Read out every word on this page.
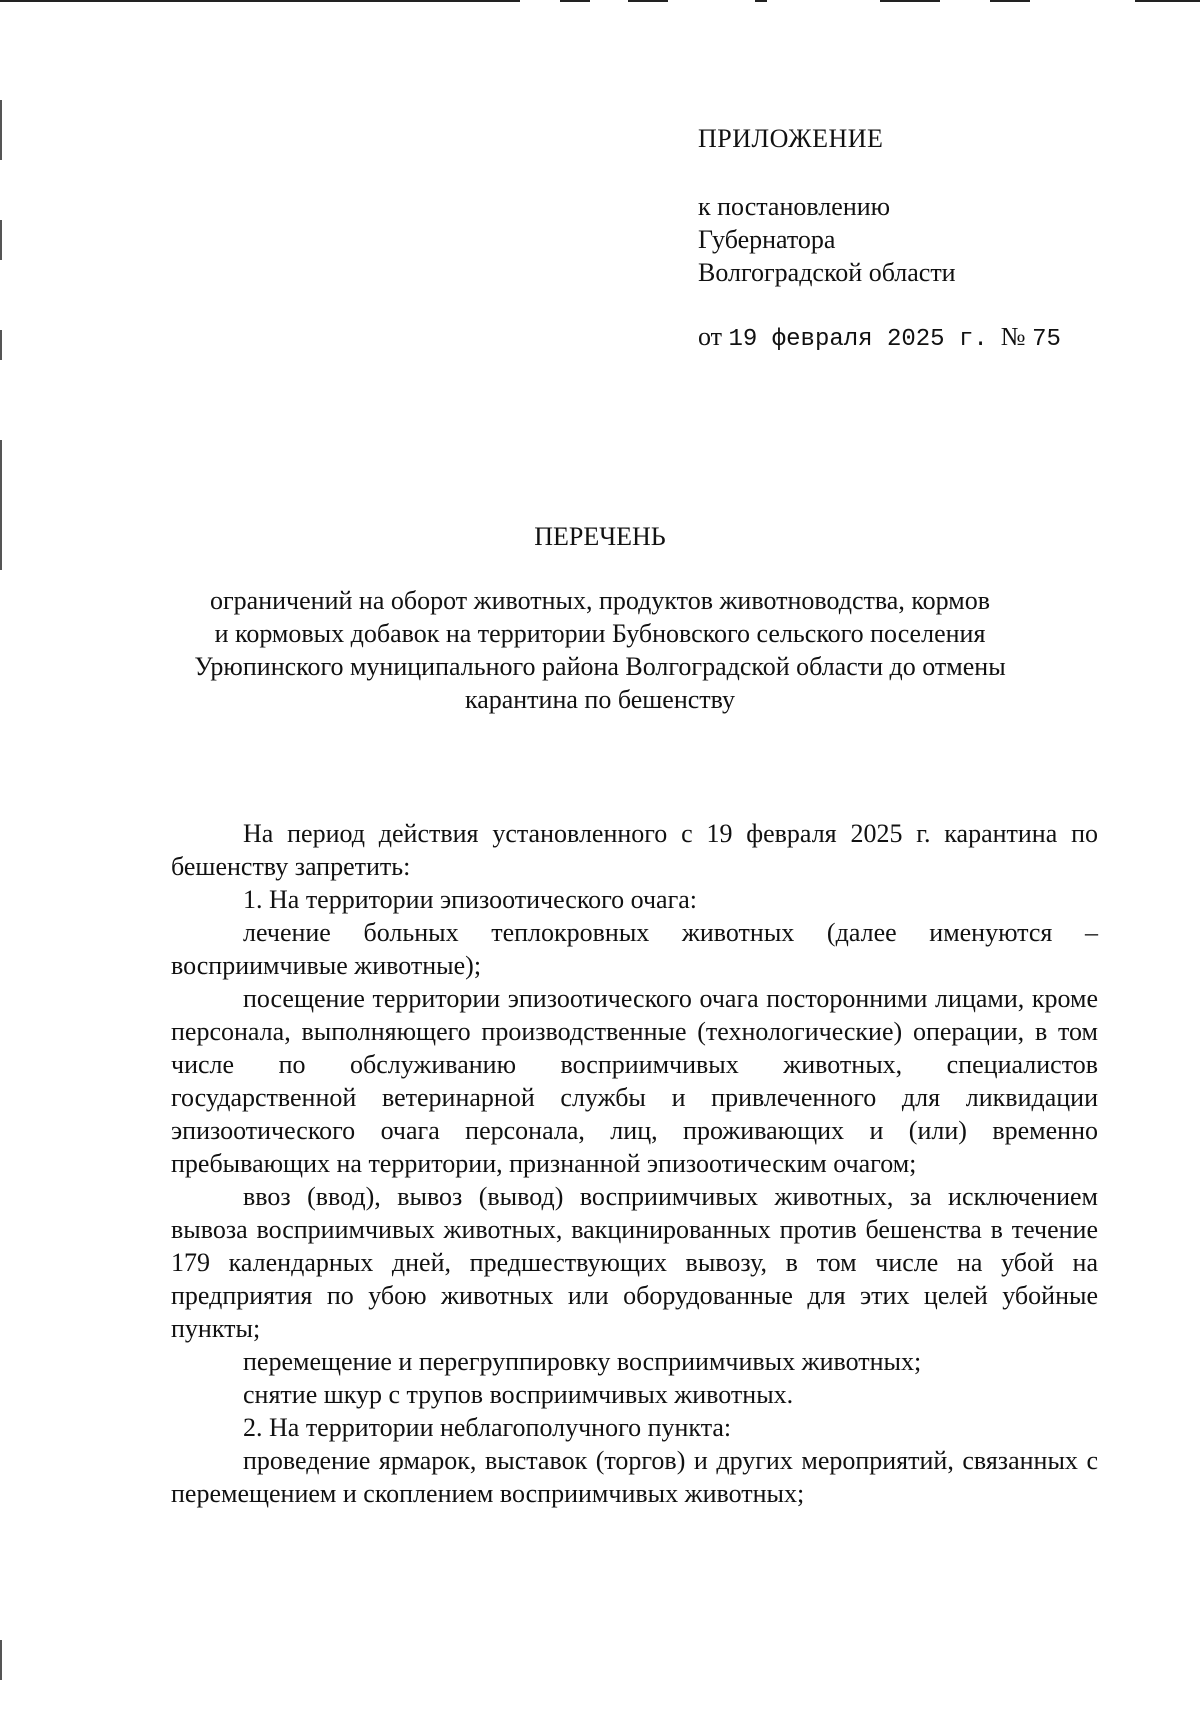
ПРИЛОЖЕНИЕ
к постановлению
Губернатора
Волгоградской области
от 19 февраля 2025 г. № 75
ПЕРЕЧЕНЬ
ограничений на оборот животных, продуктов животноводства, кормов
и кормовых добавок на территории Бубновского сельского поселения
Урюпинского муниципального района Волгоградской области до отмены
карантина по бешенству

На период действия установленного с 19 февраля 2025 г. карантина по бешенству запретить:

1. На территории эпизоотического очага:

лечение больных теплокровных животных (далее именуются – восприимчивые животные);

посещение территории эпизоотического очага посторонними лицами, кроме персонала, выполняющего производственные (технологические) операции, в том числе по обслуживанию восприимчивых животных, специалистов государственной ветеринарной службы и привлеченного для ликвидации эпизоотического очага персонала, лиц, проживающих и (или) временно пребывающих на территории, признанной эпизоотическим очагом;

ввоз (ввод), вывоз (вывод) восприимчивых животных, за исключением вывоза восприимчивых животных, вакцинированных против бешенства в течение 179 календарных дней, предшествующих вывозу, в том числе на убой на предприятия по убою животных или оборудованные для этих целей убойные пункты;

перемещение и перегруппировку восприимчивых животных;

снятие шкур с трупов восприимчивых животных.

2. На территории неблагополучного пункта:

проведение ярмарок, выставок (торгов) и других мероприятий, связанных с перемещением и скоплением восприимчивых животных;
